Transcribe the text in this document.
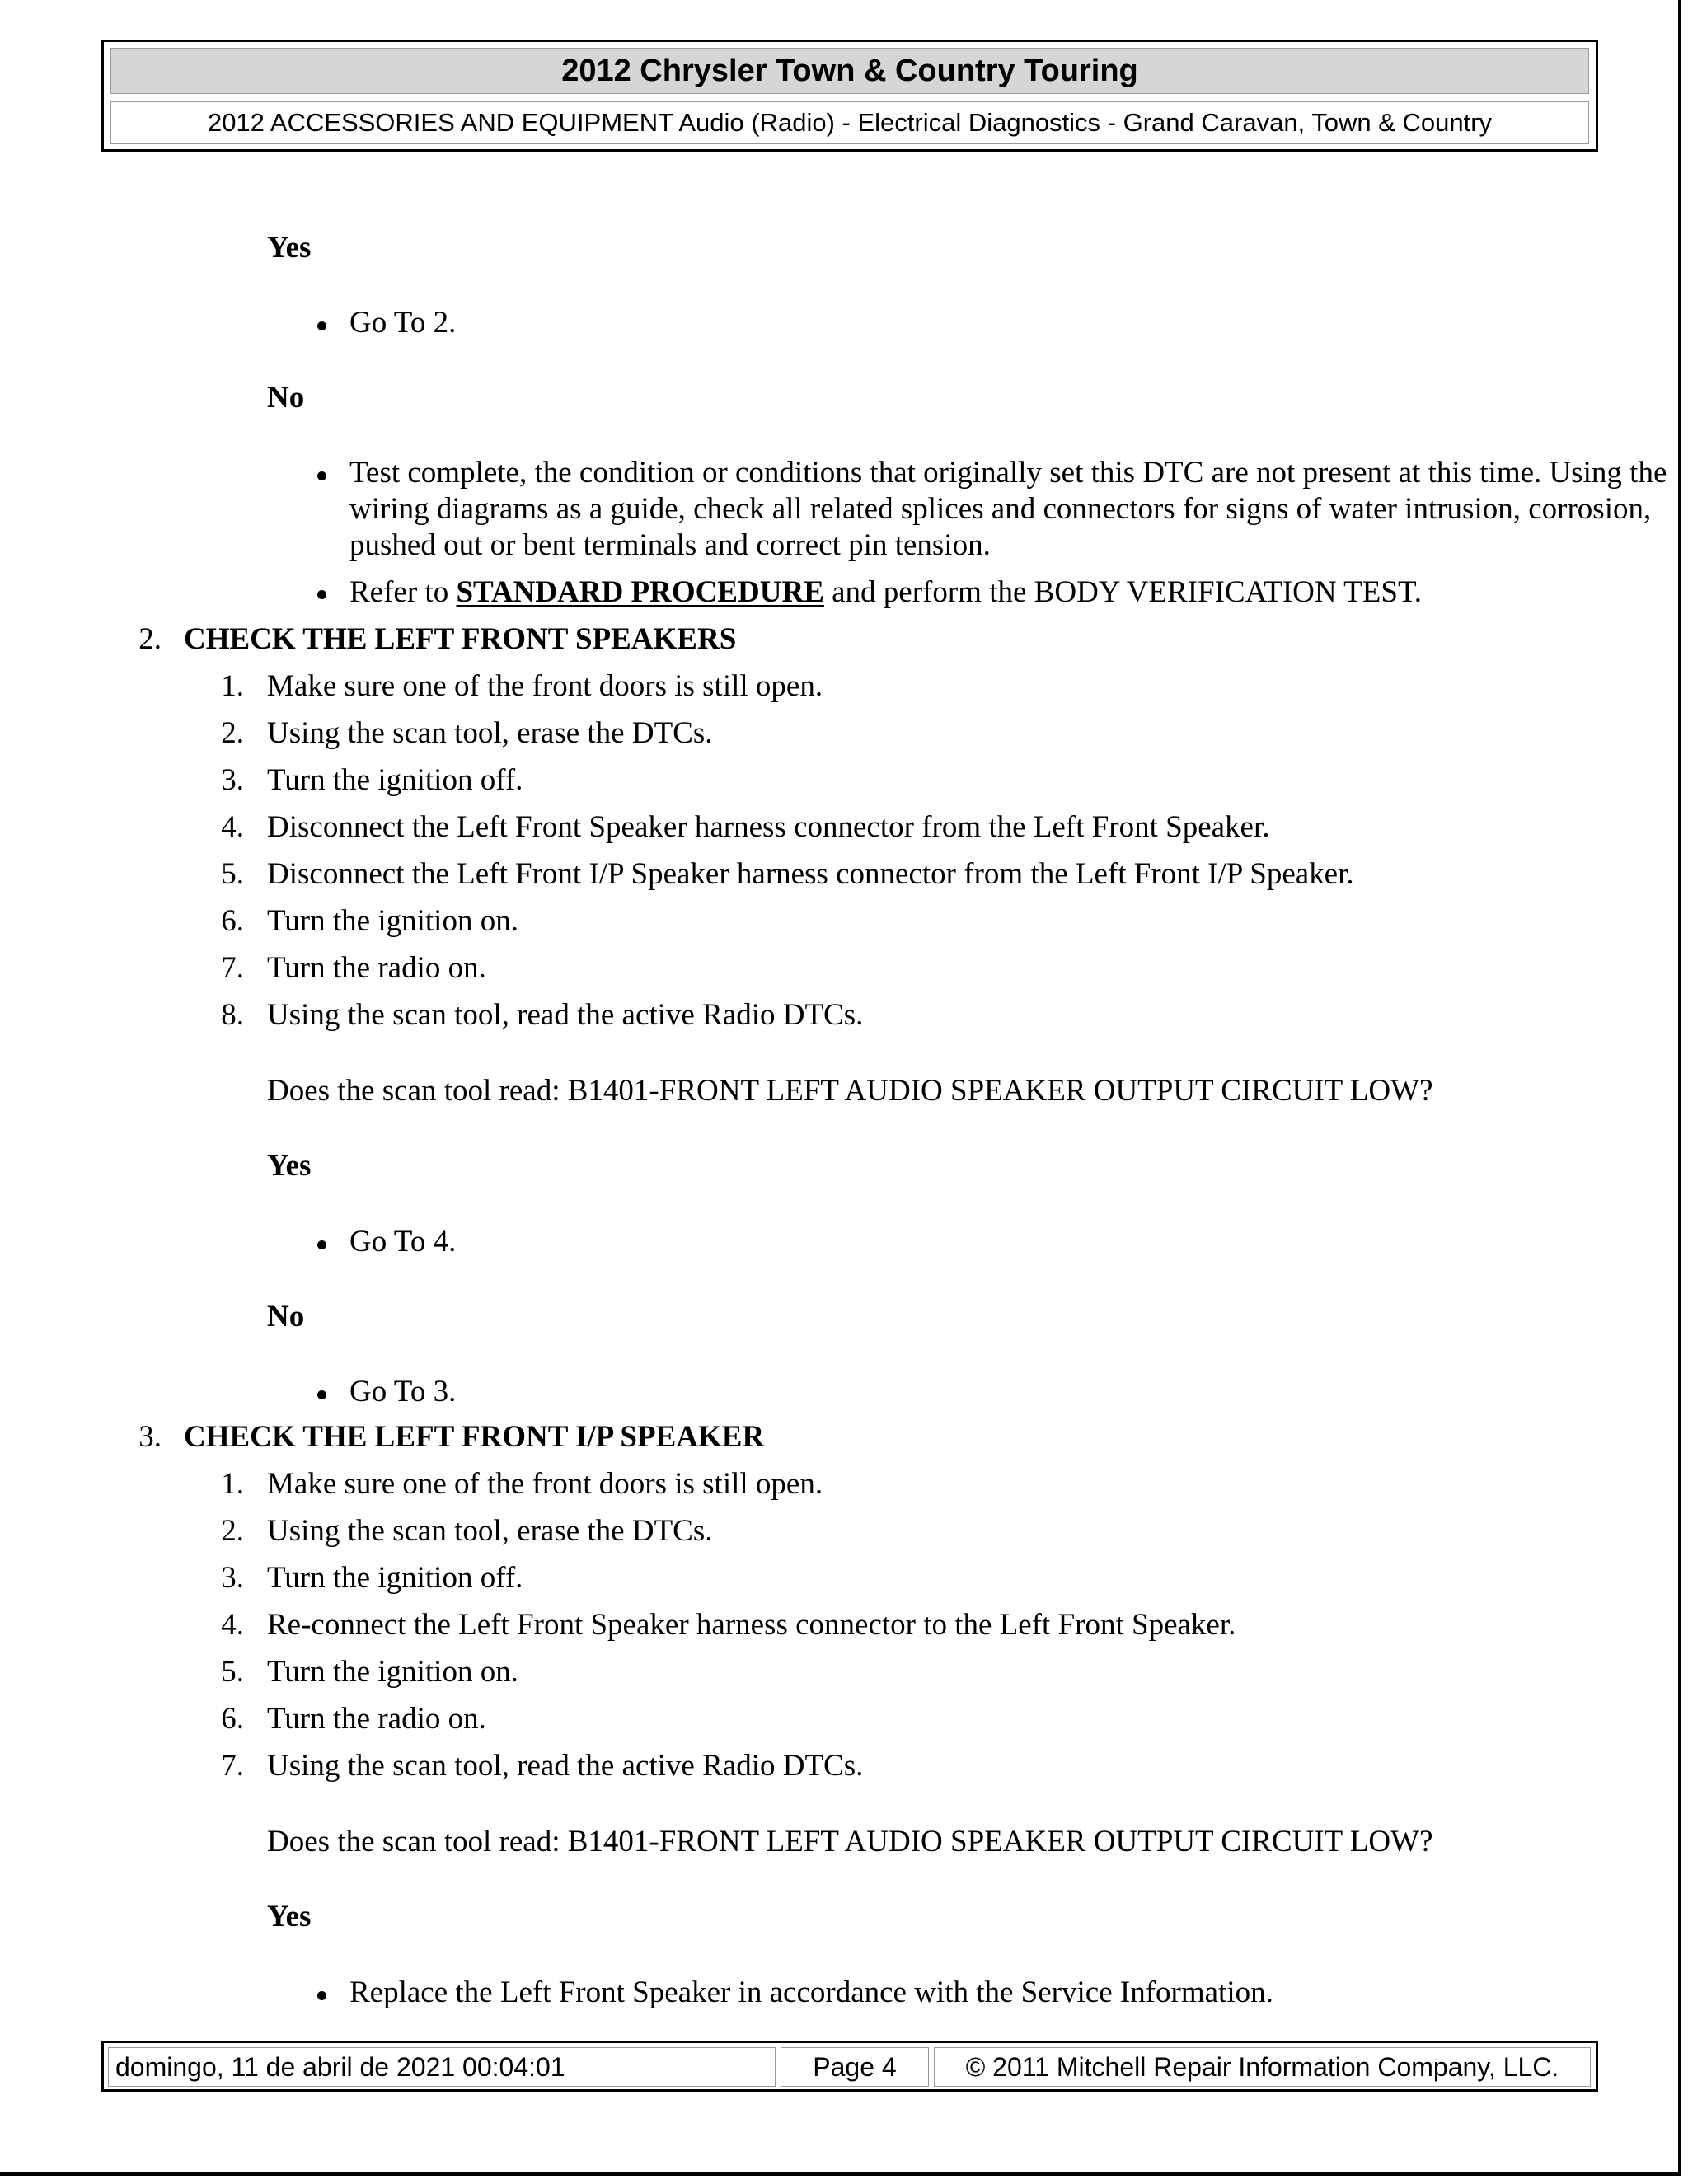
2012 Chrysler Town & Country Touring
2012 ACCESSORIES AND EQUIPMENT Audio (Radio) - Electrical Diagnostics - Grand Caravan, Town & Country
Yes
Go To 2.
No
Test complete, the condition or conditions that originally set this DTC are not present at this time. Using the wiring diagrams as a guide, check all related splices and connectors for signs of water intrusion, corrosion, pushed out or bent terminals and correct pin tension.
Refer to STANDARD PROCEDURE and perform the BODY VERIFICATION TEST.
2. CHECK THE LEFT FRONT SPEAKERS
1. Make sure one of the front doors is still open.
2. Using the scan tool, erase the DTCs.
3. Turn the ignition off.
4. Disconnect the Left Front Speaker harness connector from the Left Front Speaker.
5. Disconnect the Left Front I/P Speaker harness connector from the Left Front I/P Speaker.
6. Turn the ignition on.
7. Turn the radio on.
8. Using the scan tool, read the active Radio DTCs.
Does the scan tool read: B1401-FRONT LEFT AUDIO SPEAKER OUTPUT CIRCUIT LOW?
Yes
Go To 4.
No
Go To 3.
3. CHECK THE LEFT FRONT I/P SPEAKER
1. Make sure one of the front doors is still open.
2. Using the scan tool, erase the DTCs.
3. Turn the ignition off.
4. Re-connect the Left Front Speaker harness connector to the Left Front Speaker.
5. Turn the ignition on.
6. Turn the radio on.
7. Using the scan tool, read the active Radio DTCs.
Does the scan tool read: B1401-FRONT LEFT AUDIO SPEAKER OUTPUT CIRCUIT LOW?
Yes
Replace the Left Front Speaker in accordance with the Service Information.
domingo, 11 de abril de 2021 00:04:01	Page 4	© 2011 Mitchell Repair Information Company, LLC.
